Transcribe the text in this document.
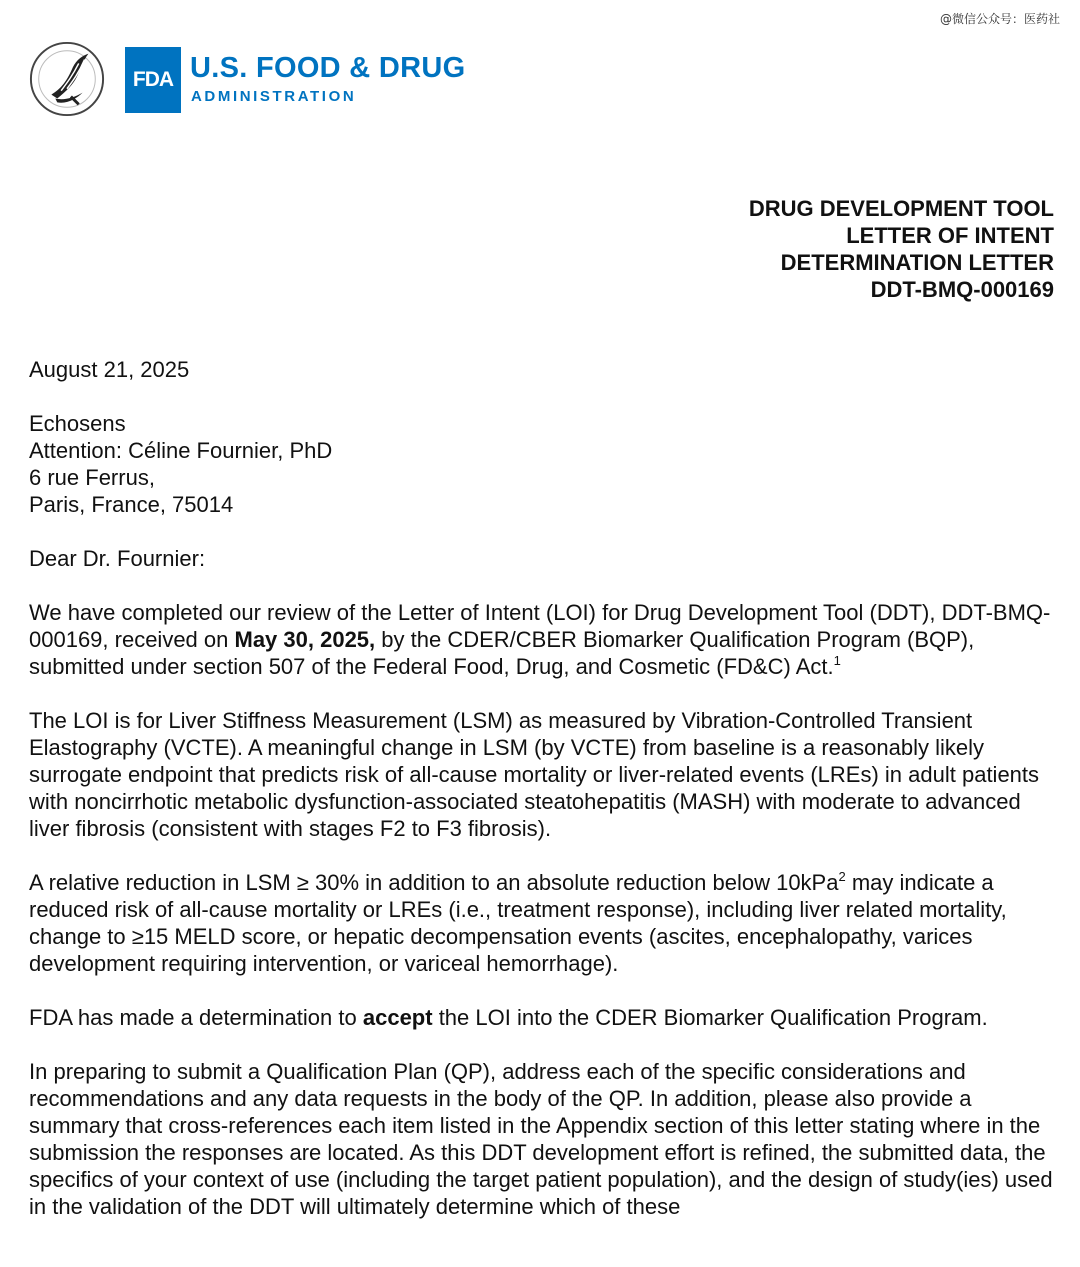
@微信公众号：医药社
FDA U.S. FOOD & DRUG
ADMINISTRATION
DRUG DEVELOPMENT TOOL
LETTER OF INTENT
DETERMINATION LETTER
DDT-BMQ-000169

August 21, 2025

Echosens
Attention: Céline Fournier, PhD
6 rue Ferrus,
Paris, France, 75014

Dear Dr. Fournier:

We have completed our review of the Letter of Intent (LOI) for Drug Development Tool (DDT), DDT-BMQ-000169, received on May 30, 2025, by the CDER/CBER Biomarker Qualification Program (BQP), submitted under section 507 of the Federal Food, Drug, and Cosmetic (FD&C) Act.$^1$

The LOI is for Liver Stiffness Measurement (LSM) as measured by Vibration-Controlled Transient Elastography (VCTE). A meaningful change in LSM (by VCTE) from baseline is a reasonably likely surrogate endpoint that predicts risk of all-cause mortality or liver-related events (LREs) in adult patients with noncirrhotic metabolic dysfunction-associated steatohepatitis (MASH) with moderate to advanced liver fibrosis (consistent with stages F2 to F3 fibrosis).

A relative reduction in LSM ≥ 30% in addition to an absolute reduction below 10kPa$^2$ may indicate a reduced risk of all-cause mortality or LREs (i.e., treatment response), including liver related mortality, change to ≥15 MELD score, or hepatic decompensation events (ascites, encephalopathy, varices development requiring intervention, or variceal hemorrhage).

FDA has made a determination to accept the LOI into the CDER Biomarker Qualification Program.

In preparing to submit a Qualification Plan (QP), address each of the specific considerations and recommendations and any data requests in the body of the QP. In addition, please also provide a summary that cross-references each item listed in the Appendix section of this letter stating where in the submission the responses are located. As this DDT development effort is refined, the submitted data, the specifics of your context of use (including the target patient population), and the design of study(ies) used in the validation of the DDT will ultimately determine which of these
